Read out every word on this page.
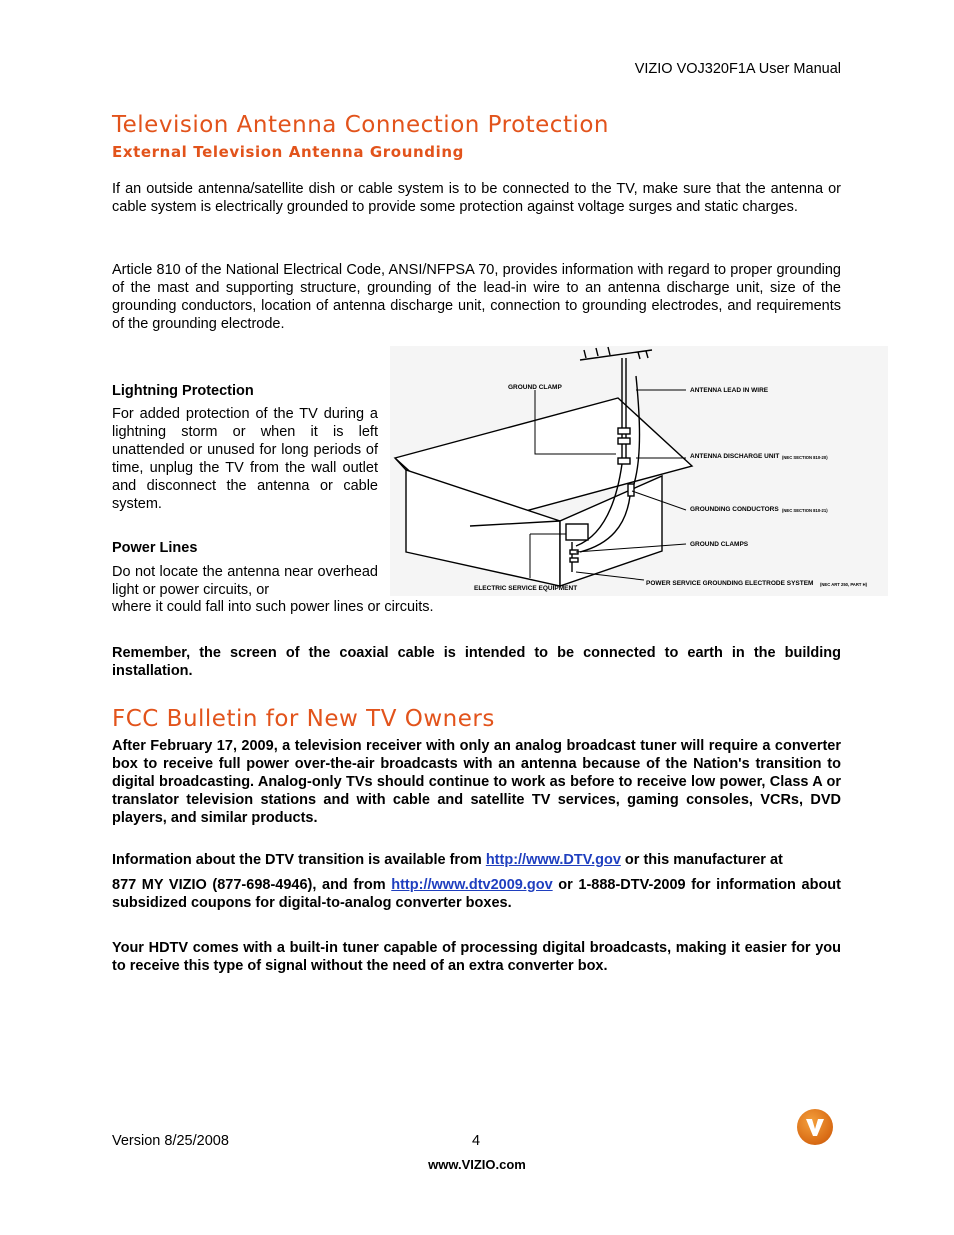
VIZIO VOJ320F1A User Manual
Television Antenna Connection Protection
External Television Antenna Grounding

If an outside antenna/satellite dish or cable system is to be connected to the TV, make sure that the antenna or cable system is electrically grounded to provide some protection against voltage surges and static charges.

Article 810 of the National Electrical Code, ANSI/NFPSA 70, provides information with regard to proper grounding of the mast and supporting structure, grounding of the lead-in wire to an antenna discharge unit, size of the grounding conductors, location of antenna discharge unit, connection to grounding electrodes, and requirements of the grounding electrode.

Lightning Protection

For added protection of the TV during a lightning storm or when it is left unattended or unused for long periods of time, unplug the TV from the wall outlet and disconnect the antenna or cable system.

Power Lines

Do not locate the antenna near overhead light or power circuits, or

where it could fall into such power lines or circuits.
GROUND CLAMP	ANTENNA LEAD IN WIRE
ANTENNA DISCHARGE UNIT (NEC SECTION 810-20)
GROUNDING CONDUCTORS (NEC SECTION 810-21)
GROUND CLAMPS
ELECTRIC SERVICE EQUIPMENT
POWER SERVICE GROUNDING ELECTRODE SYSTEM (NEC ART 250, PART H)

Remember, the screen of the coaxial cable is intended to be connected to earth in the building installation.

FCC Bulletin for New TV Owners

After February 17, 2009, a television receiver with only an analog broadcast tuner will require a converter box to receive full power over-the-air broadcasts with an antenna because of the Nation's transition to digital broadcasting. Analog-only TVs should continue to work as before to receive low power, Class A or translator television stations and with cable and satellite TV services, gaming consoles, VCRs, DVD players, and similar products.

Information about the DTV transition is available from http://www.DTV.gov or this manufacturer at

877 MY VIZIO (877-698-4946), and from http://www.dtv2009.gov or 1-888-DTV-2009 for information about subsidized coupons for digital-to-analog converter boxes.

Your HDTV comes with a built-in tuner capable of processing digital broadcasts, making it easier for you to receive this type of signal without the need of an extra converter box.

Version 8/25/2008	4
www.VIZIO.com
